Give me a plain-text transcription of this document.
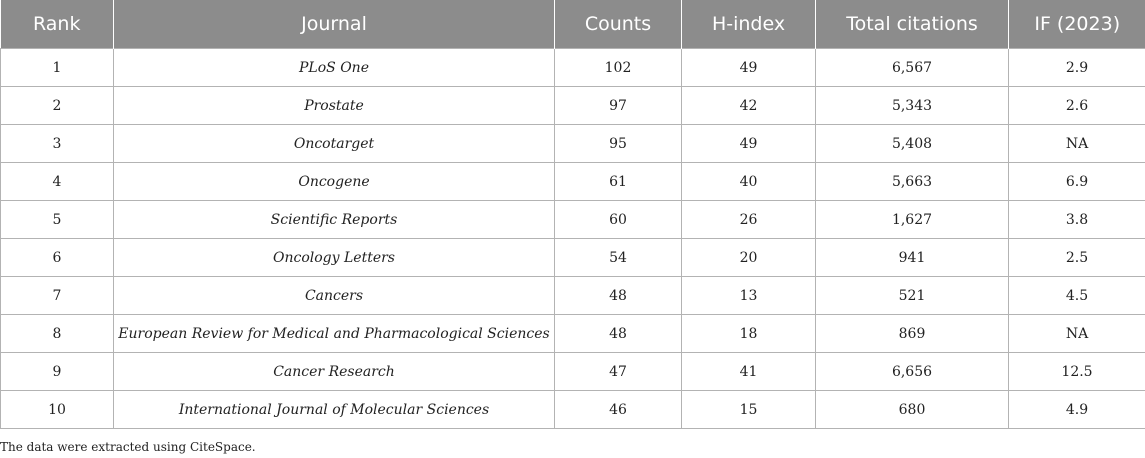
Rank	Journal	Counts	H-index	Total citations	IF (2023)
1	PLoS One	102	49	6,567	2.9
2	Prostate	97	42	5,343	2.6
3	Oncotarget	95	49	5,408	NA
4	Oncogene	61	40	5,663	6.9
5	Scientific Reports	60	26	1,627	3.8
6	Oncology Letters	54	20	941	2.5
7	Cancers	48	13	521	4.5
8	European Review for Medical and Pharmacological Sciences	48	18	869	NA
9	Cancer Research	47	41	6,656	12.5
10	International Journal of Molecular Sciences	46	15	680	4.9

The data were extracted using CiteSpace.
